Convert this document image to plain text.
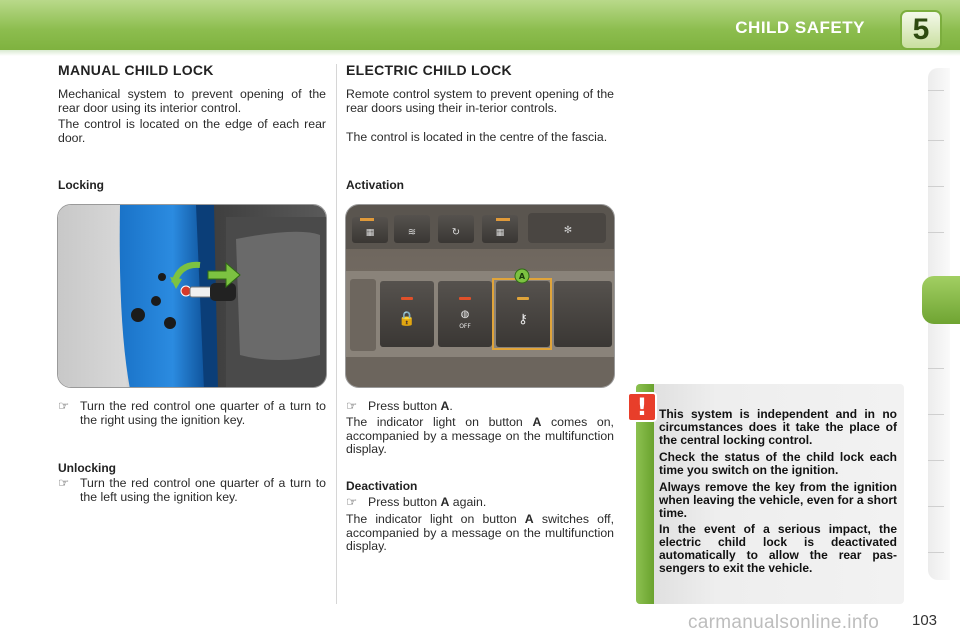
CHILD SAFETY	5
MANUAL CHILD LOCK
Mechanical system to prevent opening of the rear door using its interior control.
The control is located on the edge of each rear door.
Locking
☞ Turn the red control one quarter of a turn to the right using the ignition key.
Unlocking
☞ Turn the red control one quarter of a turn to the left using the ignition key.
ELECTRIC CHILD LOCK
Remote control system to prevent opening of the rear doors using their in-terior controls.
The control is located in the centre of the fascia.
Activation
▦	≋	↻	▦	✻
🔒	◍
OFF	⚷
A
☞ Press button A.
The indicator light on button A comes on, accompanied by a message on the multifunction display.
Deactivation
☞ Press button A again.
The indicator light on button A switches off, accompanied by a message on the multifunction display.
! This system is independent and in no circumstances does it take the place of the central locking control.
Check the status of the child lock each time you switch on the ignition.
Always remove the key from the ignition when leaving the vehicle, even for a short time.
In the event of a serious impact, the electric child lock is deactivated automatically to allow the rear pas-sengers to exit the vehicle.
carmanualsonline.info 103
